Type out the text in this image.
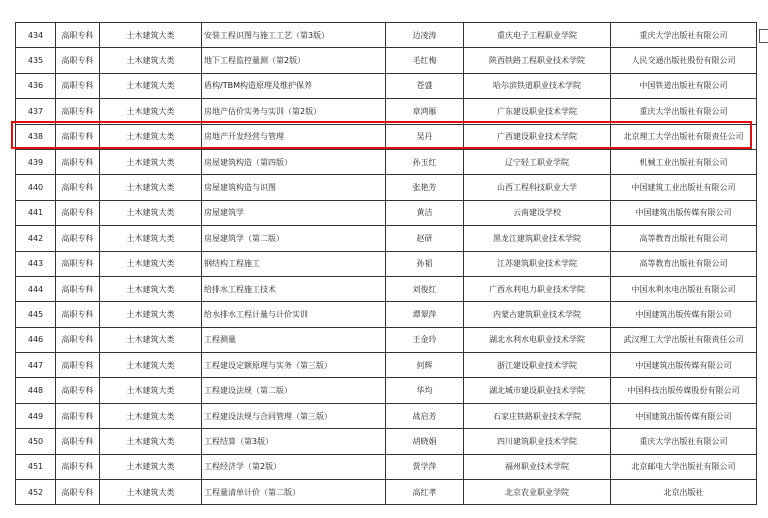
434	高职专科	土木建筑大类	安装工程识图与施工工艺（第3版）	边凌涛	重庆电子工程职业学院	重庆大学出版社有限公司
435	高职专科	土木建筑大类	地下工程监控量测（第2版）	毛红梅	陕西铁路工程职业技术学院	人民交通出版社股份有限公司
436	高职专科	土木建筑大类	盾构/TBM构造原理及维护保养	苍盛	哈尔滨铁道职业技术学院	中国铁道出版社有限公司
437	高职专科	土木建筑大类	房地产估价实务与实训（第2版）	章鸿雁	广东建设职业技术学院	重庆大学出版社有限公司
438	高职专科	土木建筑大类	房地产开发经营与管理	吴丹	广西建设职业技术学院	北京理工大学出版社有限责任公司
439	高职专科	土木建筑大类	房屋建筑构造（第四版）	孙玉红	辽宁轻工职业学院	机械工业出版社有限公司
440	高职专科	土木建筑大类	房屋建筑构造与识图	张艳芳	山西工程科技职业大学	中国建筑工业出版社有限公司
441	高职专科	土木建筑大类	房屋建筑学	黄洁	云南建设学校	中国建筑出版传媒有限公司
442	高职专科	土木建筑大类	房屋建筑学（第二版）	赵研	黑龙江建筑职业技术学院	高等教育出版社有限公司
443	高职专科	土木建筑大类	钢结构工程施工	孙韬	江苏建筑职业技术学院	高等教育出版社有限公司
444	高职专科	土木建筑大类	给排水工程施工技术	刘俊红	广西水利电力职业技术学院	中国水利水电出版社有限公司
445	高职专科	土木建筑大类	给水排水工程计量与计价实训	谭翠萍	内蒙古建筑职业技术学院	中国建筑出版传媒有限公司
446	高职专科	土木建筑大类	工程测量	王金玲	湖北水利水电职业技术学院	武汉理工大学出版社有限责任公司
447	高职专科	土木建筑大类	工程建设定额原理与实务（第三版）	何辉	浙江建设职业技术学院	中国建筑出版传媒有限公司
448	高职专科	土木建筑大类	工程建设法规（第二版）	华均	湖北城市建设职业技术学院	中国科技出版传媒股份有限公司
449	高职专科	土木建筑大类	工程建设法规与合同管理（第三版）	战启芳	石家庄铁路职业技术学院	中国建筑出版传媒有限公司
450	高职专科	土木建筑大类	工程结算（第3版）	胡晓娟	四川建筑职业技术学院	重庆大学出版社有限公司
451	高职专科	土木建筑大类	工程经济学（第2版）	贾学萍	福州职业技术学院	北京邮电大学出版社有限公司
452	高职专科	土木建筑大类	工程量清单计价（第二版）	高红孝	北京农业职业学院	北京出版社
